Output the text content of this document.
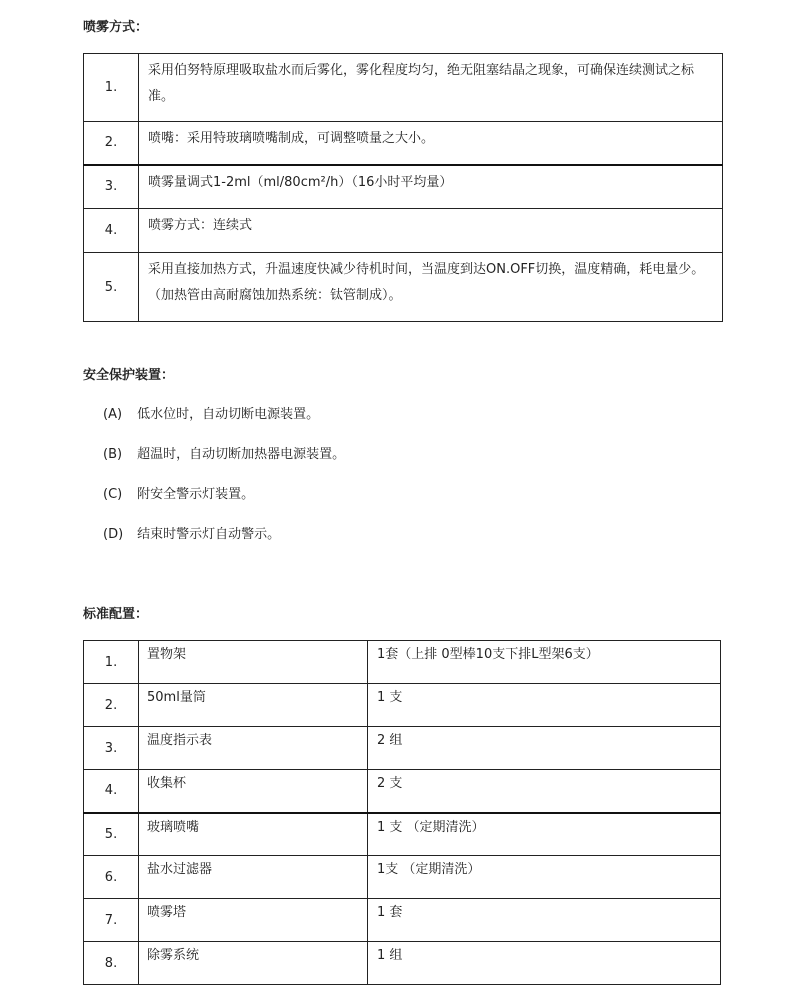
喷雾方式：
1.	采用伯努特原理吸取盐水而后雾化，雾化程度均匀，绝无阻塞结晶之现象，可确保连续测试之标准。
2.	喷嘴：采用特玻璃喷嘴制成，可调整喷量之大小。
3.	喷雾量调式1-2ml（ml/80cm²/h）（16小时平均量）
4.	喷雾方式：连续式
5.	采用直接加热方式，升温速度快减少待机时间，当温度到达ON.OFF切换，温度精确，耗电量少。（加热管由高耐腐蚀加热系统：钛管制成）。
安全保护装置：
(A) 低水位时，自动切断电源装置。
(B) 超温时，自动切断加热器电源装置。
(C) 附安全警示灯装置。
(D) 结束时警示灯自动警示。
标准配置：
1.	置物架	1套（上排 0型棒10支下排L型架6支）
2.	50ml量筒	1 支
3.	温度指示表	2 组
4.	收集杯	2 支
5.	玻璃喷嘴	1 支 （定期清洗）
6.	盐水过滤器	1支 （定期清洗）
7.	喷雾塔	1 套
8.	除雾系统	1 组
